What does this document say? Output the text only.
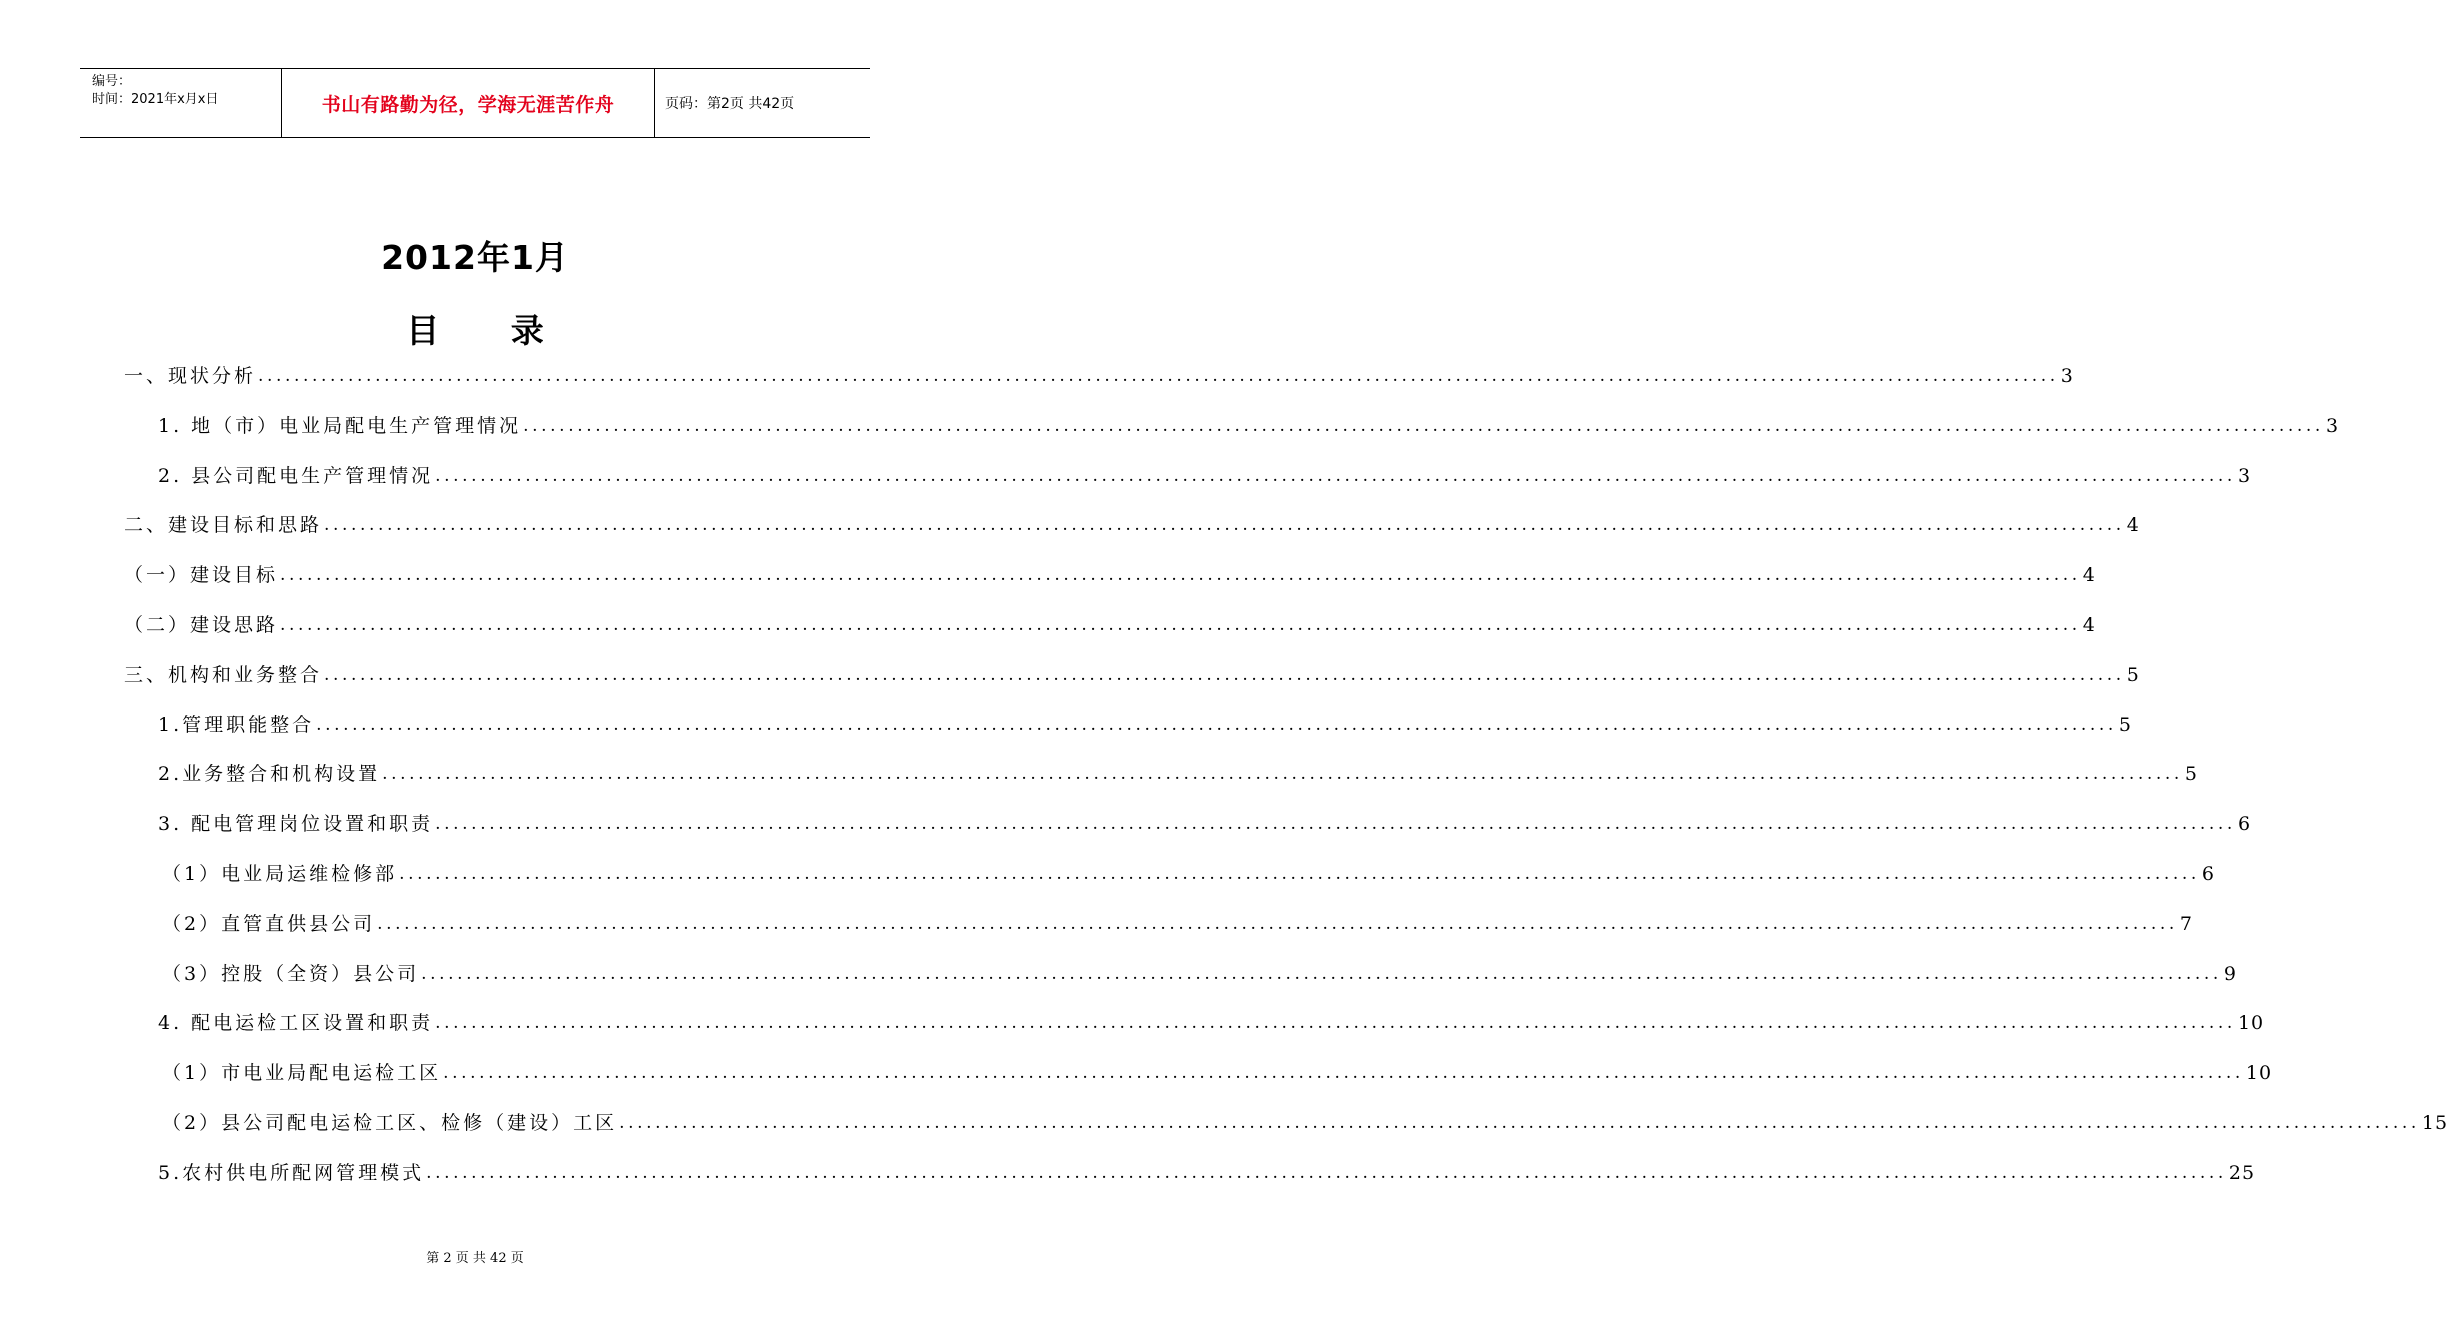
编号：
时间：2021年x月x日	书山有路勤为径，学海无涯苦作舟	页码：第2页 共42页
2012年1月
目 录
一、现状分析 ........................................................................................................................................................................................................ 3
1. 地（市）电业局配电生产管理情况 ........................................................................................................................................................................................................ 3
2. 县公司配电生产管理情况 ........................................................................................................................................................................................................ 3
二、建设目标和思路 ........................................................................................................................................................................................................ 4
（一）建设目标 ........................................................................................................................................................................................................ 4
（二）建设思路 ........................................................................................................................................................................................................ 4
三、机构和业务整合 ........................................................................................................................................................................................................ 5
1.管理职能整合 ........................................................................................................................................................................................................ 5
2.业务整合和机构设置 ........................................................................................................................................................................................................ 5
3. 配电管理岗位设置和职责 ........................................................................................................................................................................................................ 6
（1）电业局运维检修部 ........................................................................................................................................................................................................ 6
（2）直管直供县公司 ........................................................................................................................................................................................................ 7
（3）控股（全资）县公司 ........................................................................................................................................................................................................ 9
4. 配电运检工区设置和职责 ........................................................................................................................................................................................................ 10
（1）市电业局配电运检工区 ........................................................................................................................................................................................................ 10
（2）县公司配电运检工区、检修（建设）工区 ........................................................................................................................................................................................................ 15
5.农村供电所配网管理模式 ........................................................................................................................................................................................................ 25
第 2 页 共 42 页
